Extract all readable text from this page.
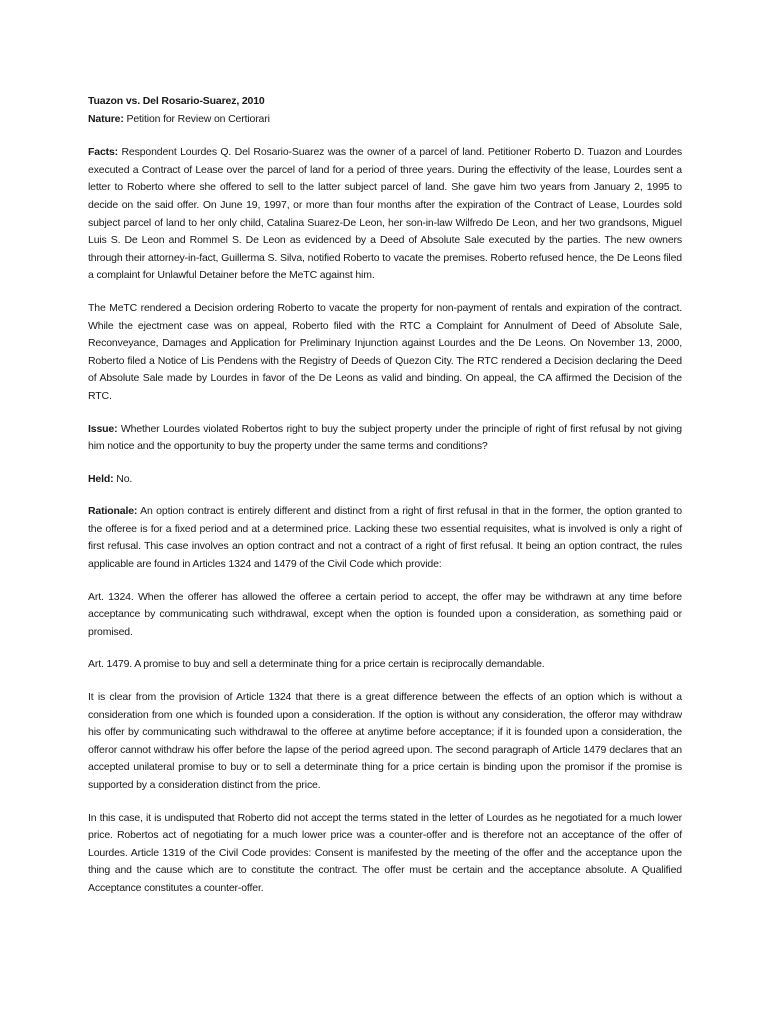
Tuazon vs. Del Rosario-Suarez, 2010

Nature: Petition for Review on Certiorari

Facts: Respondent Lourdes Q. Del Rosario-Suarez was the owner of a parcel of land. Petitioner Roberto D. Tuazon and Lourdes executed a Contract of Lease over the parcel of land for a period of three years. During the effectivity of the lease, Lourdes sent a letter to Roberto where she offered to sell to the latter subject parcel of land. She gave him two years from January 2, 1995 to decide on the said offer. On June 19, 1997, or more than four months after the expiration of the Contract of Lease, Lourdes sold subject parcel of land to her only child, Catalina Suarez-De Leon, her son-in-law Wilfredo De Leon, and her two grandsons, Miguel Luis S. De Leon and Rommel S. De Leon as evidenced by a Deed of Absolute Sale executed by the parties. The new owners through their attorney-in-fact, Guillerma S. Silva, notified Roberto to vacate the premises. Roberto refused hence, the De Leons filed a complaint for Unlawful Detainer before the MeTC against him.

The MeTC rendered a Decision ordering Roberto to vacate the property for non-payment of rentals and expiration of the contract. While the ejectment case was on appeal, Roberto filed with the RTC a Complaint for Annulment of Deed of Absolute Sale, Reconveyance, Damages and Application for Preliminary Injunction against Lourdes and the De Leons. On November 13, 2000, Roberto filed a Notice of Lis Pendens with the Registry of Deeds of Quezon City. The RTC rendered a Decision declaring the Deed of Absolute Sale made by Lourdes in favor of the De Leons as valid and binding. On appeal, the CA affirmed the Decision of the RTC.

Issue: Whether Lourdes violated Robertos right to buy the subject property under the principle of right of first refusal by not giving him notice and the opportunity to buy the property under the same terms and conditions?

Held: No.

Rationale: An option contract is entirely different and distinct from a right of first refusal in that in the former, the option granted to the offeree is for a fixed period and at a determined price. Lacking these two essential requisites, what is involved is only a right of first refusal. This case involves an option contract and not a contract of a right of first refusal. It being an option contract, the rules applicable are found in Articles 1324 and 1479 of the Civil Code which provide:

Art. 1324. When the offerer has allowed the offeree a certain period to accept, the offer may be withdrawn at any time before acceptance by communicating such withdrawal, except when the option is founded upon a consideration, as something paid or promised.

Art. 1479. A promise to buy and sell a determinate thing for a price certain is reciprocally demandable.

It is clear from the provision of Article 1324 that there is a great difference between the effects of an option which is without a consideration from one which is founded upon a consideration. If the option is without any consideration, the offeror may withdraw his offer by communicating such withdrawal to the offeree at anytime before acceptance; if it is founded upon a consideration, the offeror cannot withdraw his offer before the lapse of the period agreed upon. The second paragraph of Article 1479 declares that an accepted unilateral promise to buy or to sell a determinate thing for a price certain is binding upon the promisor if the promise is supported by a consideration distinct from the price.

In this case, it is undisputed that Roberto did not accept the terms stated in the letter of Lourdes as he negotiated for a much lower price. Robertos act of negotiating for a much lower price was a counter-offer and is therefore not an acceptance of the offer of Lourdes. Article 1319 of the Civil Code provides: Consent is manifested by the meeting of the offer and the acceptance upon the thing and the cause which are to constitute the contract. The offer must be certain and the acceptance absolute. A Qualified Acceptance constitutes a counter-offer.
